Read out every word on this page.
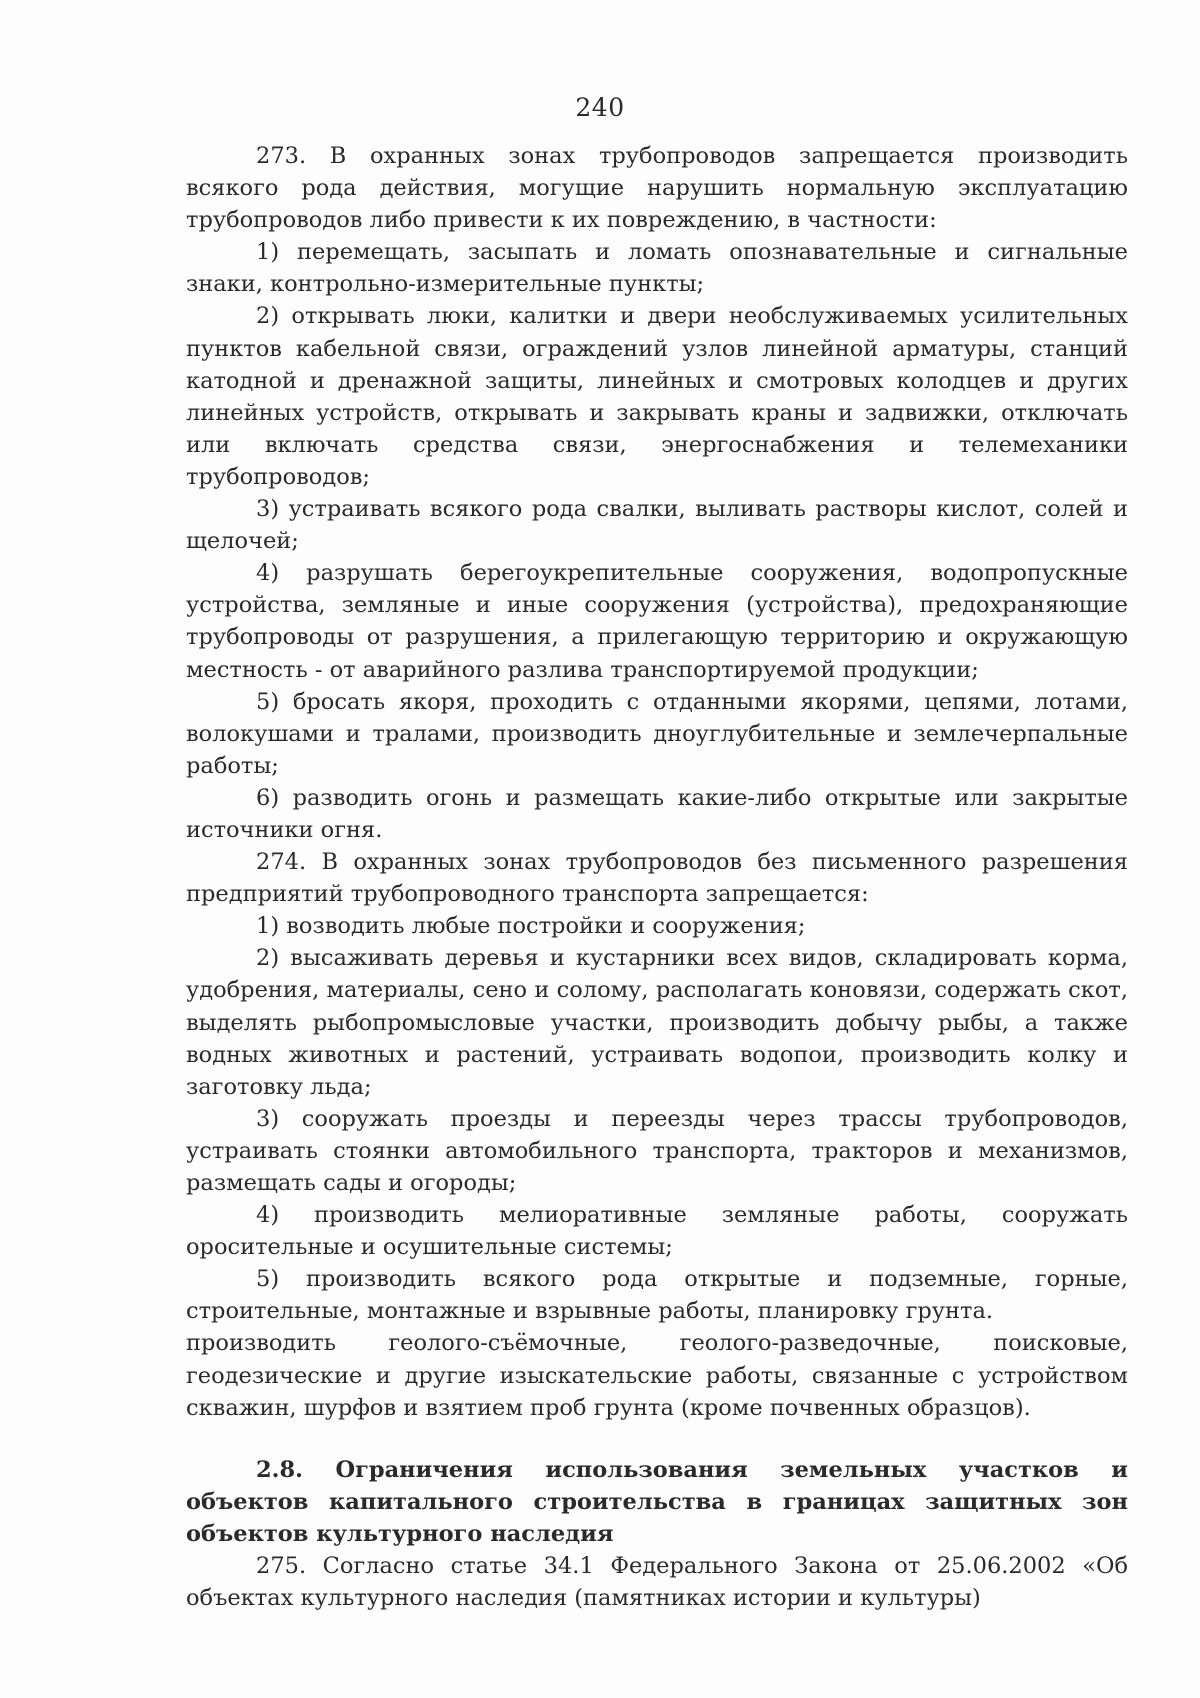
240

273. В охранных зонах трубопроводов запрещается производить всякого рода действия, могущие нарушить нормальную эксплуатацию трубопроводов либо привести к их повреждению, в частности:

1) перемещать, засыпать и ломать опознавательные и сигнальные знаки, контрольно-измерительные пункты;

2) открывать люки, калитки и двери необслуживаемых усилительных пунктов кабельной связи, ограждений узлов линейной арматуры, станций катодной и дренажной защиты, линейных и смотровых колодцев и других линейных устройств, открывать и закрывать краны и задвижки, отключать или включать средства связи, энергоснабжения и телемеханики трубопроводов;

3) устраивать всякого рода свалки, выливать растворы кислот, солей и щелочей;

4) разрушать берегоукрепительные сооружения, водопропускные устройства, земляные и иные сооружения (устройства), предохраняющие трубопроводы от разрушения, а прилегающую территорию и окружающую местность - от аварийного разлива транспортируемой продукции;

5) бросать якоря, проходить с отданными якорями, цепями, лотами, волокушами и тралами, производить дноуглубительные и землечерпальные работы;

6) разводить огонь и размещать какие-либо открытые или закрытые источники огня.

274. В охранных зонах трубопроводов без письменного разрешения предприятий трубопроводного транспорта запрещается:

1) возводить любые постройки и сооружения;

2) высаживать деревья и кустарники всех видов, складировать корма, удобрения, материалы, сено и солому, располагать коновязи, содержать скот, выделять рыбопромысловые участки, производить добычу рыбы, а также водных животных и растений, устраивать водопои, производить колку и заготовку льда;

3) сооружать проезды и переезды через трассы трубопроводов, устраивать стоянки автомобильного транспорта, тракторов и механизмов, размещать сады и огороды;

4) производить мелиоративные земляные работы, сооружать оросительные и осушительные системы;

5) производить всякого рода открытые и подземные, горные, строительные, монтажные и взрывные работы, планировку грунта.

производить геолого-съёмочные, геолого-разведочные, поисковые, геодезические и другие изыскательские работы, связанные с устройством скважин, шурфов и взятием проб грунта (кроме почвенных образцов).

2.8. Ограничения использования земельных участков и объектов капитального строительства в границах защитных зон объектов культурного наследия

275. Согласно статье 34.1 Федерального Закона от 25.06.2002 «Об объектах культурного наследия (памятниках истории и культуры)
